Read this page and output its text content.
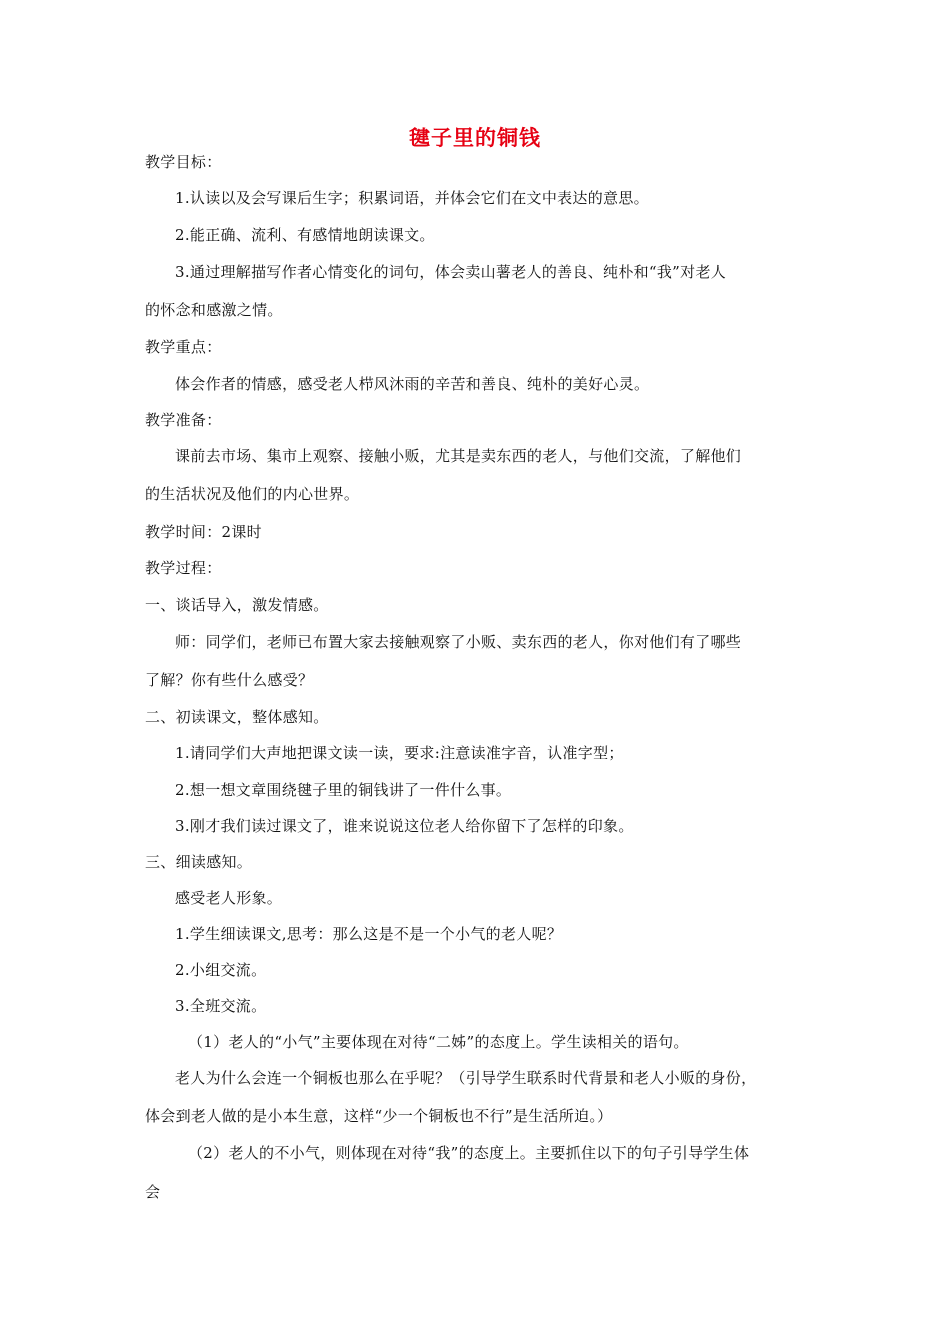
毽子里的铜钱
教学目标：
1.认读以及会写课后生字；积累词语，并体会它们在文中表达的意思。
2.能正确、流利、有感情地朗读课文。
3.通过理解描写作者心情变化的词句，体会卖山薯老人的善良、纯朴和“我”对老人
的怀念和感激之情。
教学重点：
体会作者的情感，感受老人栉风沐雨的辛苦和善良、纯朴的美好心灵。
教学准备：
课前去市场、集市上观察、接触小贩，尤其是卖东西的老人，与他们交流，了解他们
的生活状况及他们的内心世界。
教学时间：2课时
教学过程：
一、谈话导入，激发情感。
师：同学们，老师已布置大家去接触观察了小贩、卖东西的老人，你对他们有了哪些
了解？你有些什么感受？
二、初读课文，整体感知。
1.请同学们大声地把课文读一读，要求:注意读准字音，认准字型；
2.想一想文章围绕毽子里的铜钱讲了一件什么事。
3.刚才我们读过课文了，谁来说说这位老人给你留下了怎样的印象。
三、细读感知。
感受老人形象。
1.学生细读课文,思考：那么这是不是一个小气的老人呢？
2.小组交流。
3.全班交流。
（1）老人的“小气”主要体现在对待“二姊”的态度上。学生读相关的语句。
老人为什么会连一个铜板也那么在乎呢？（引导学生联系时代背景和老人小贩的身份，
体会到老人做的是小本生意，这样“少一个铜板也不行”是生活所迫。）
（2）老人的不小气，则体现在对待“我”的态度上。主要抓住以下的句子引导学生体
会
